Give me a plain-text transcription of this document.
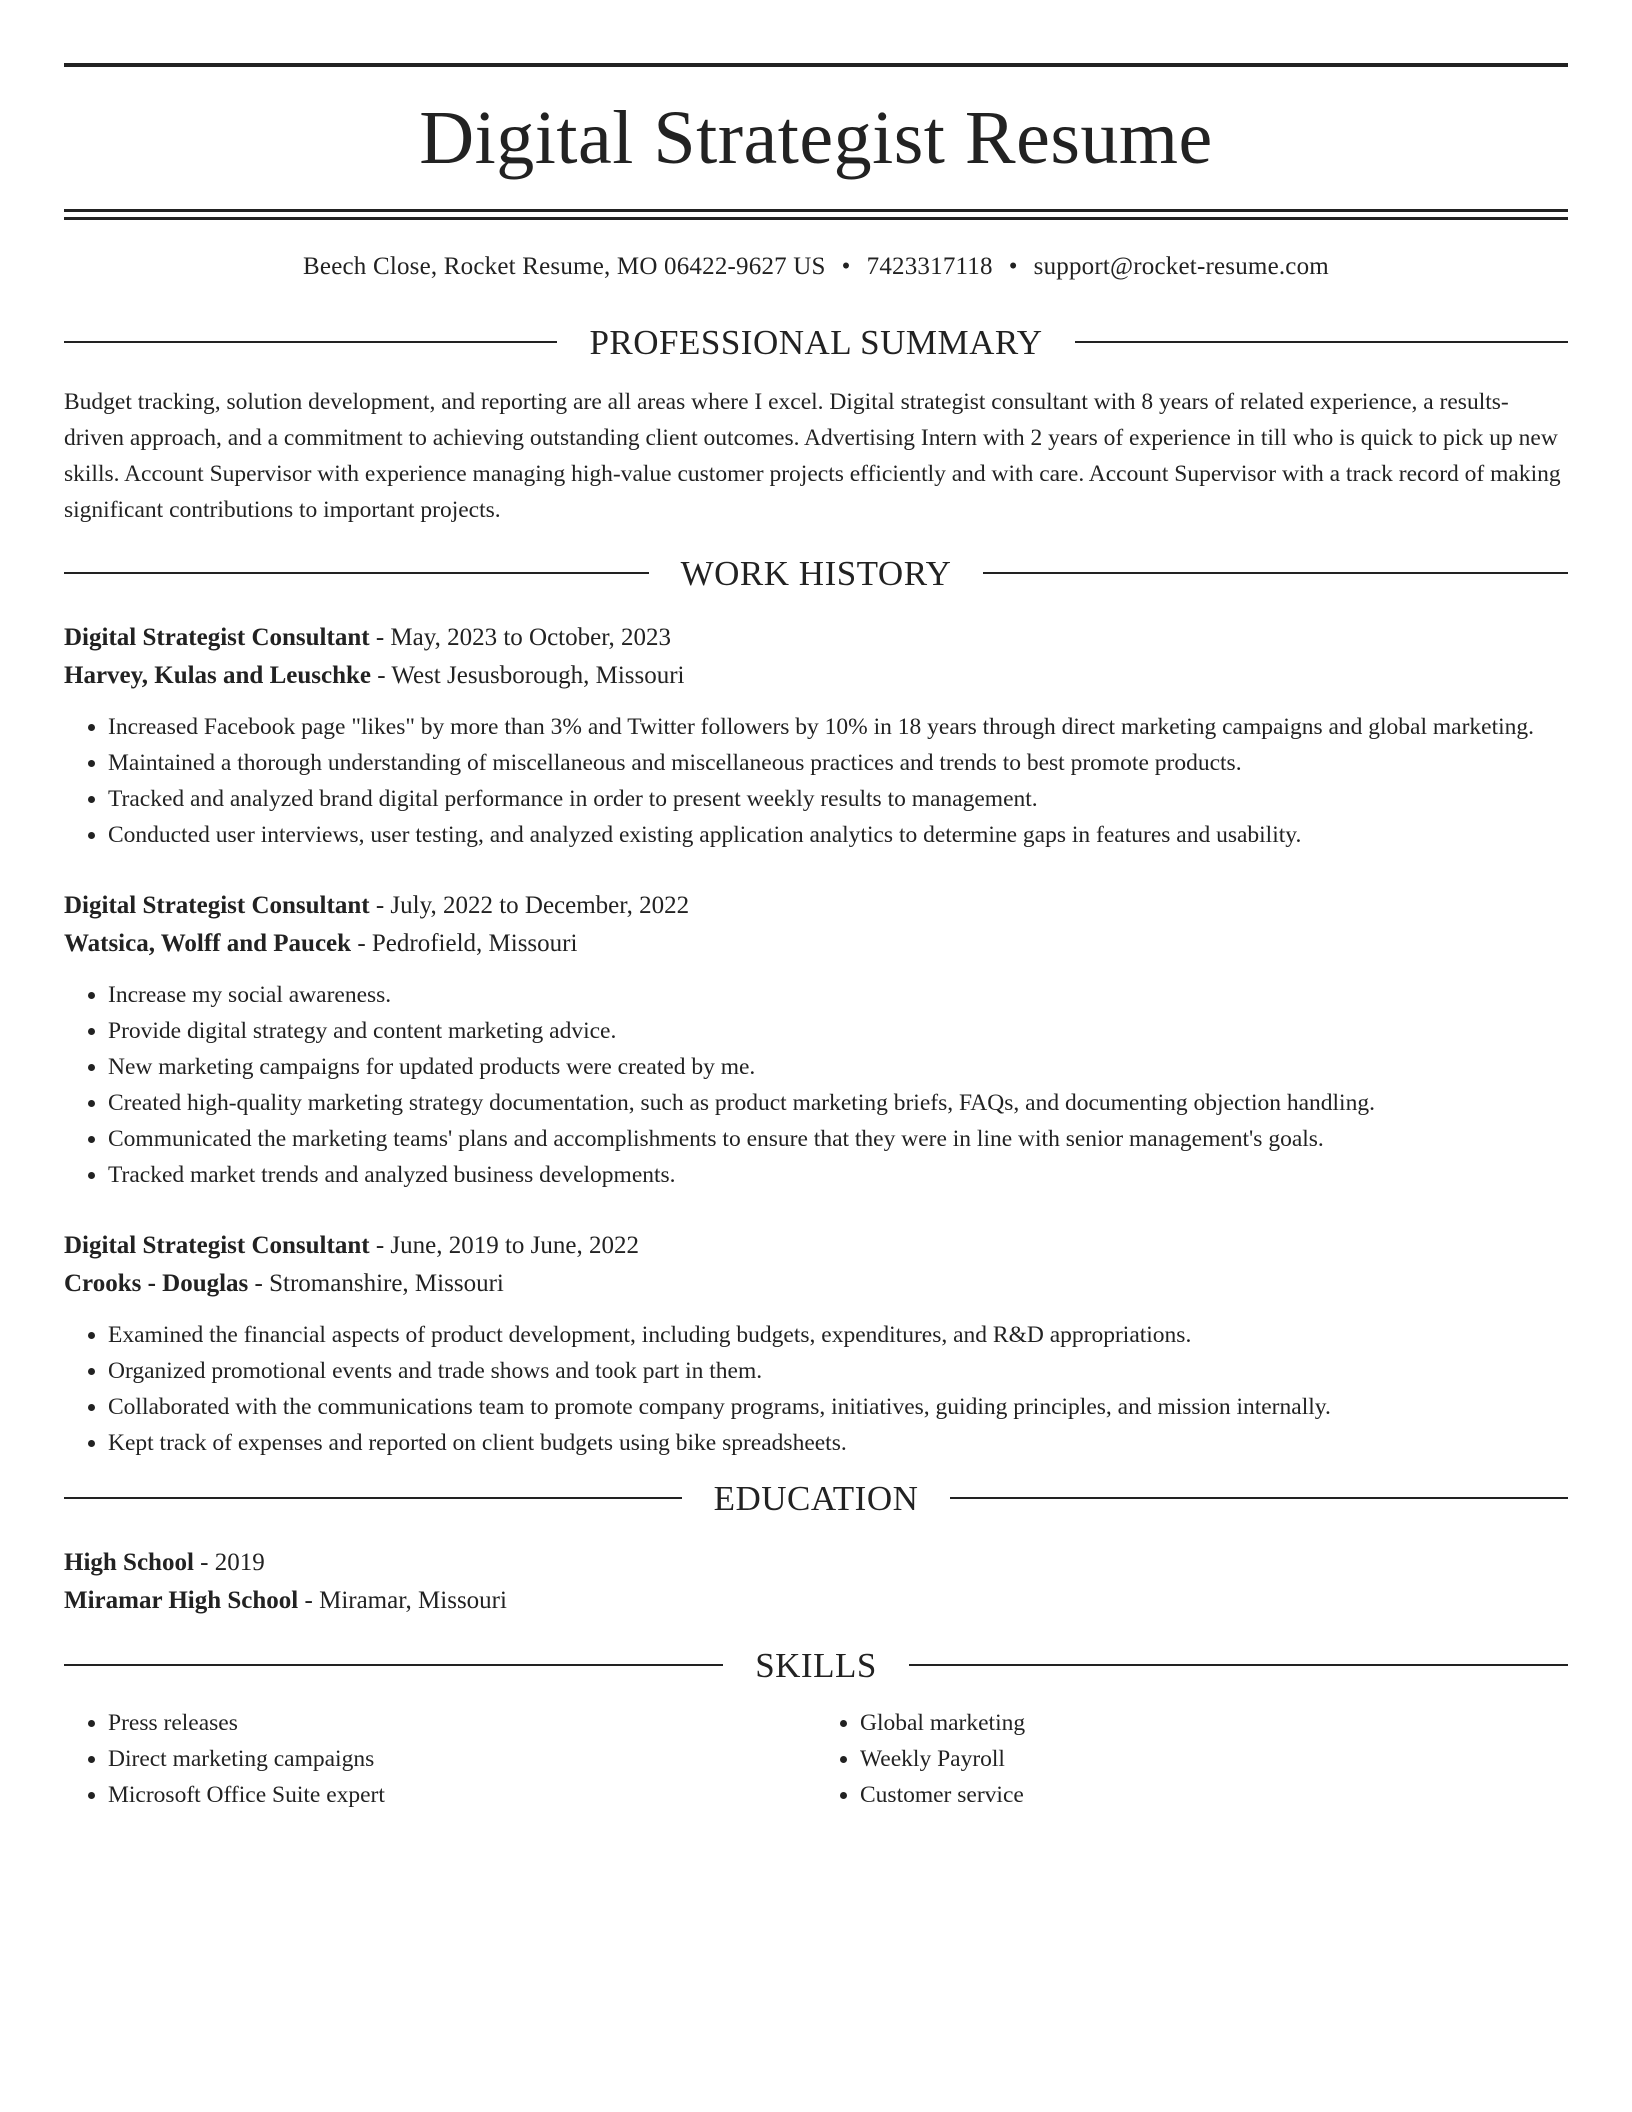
Digital Strategist Resume
Beech Close, Rocket Resume, MO 06422-9627 US • 7423317118 • support@rocket-resume.com
PROFESSIONAL SUMMARY

Budget tracking, solution development, and reporting are all areas where I excel. Digital strategist consultant with 8 years of related experience, a results-driven approach, and a commitment to achieving outstanding client outcomes. Advertising Intern with 2 years of experience in till who is quick to pick up new skills. Account Supervisor with experience managing high-value customer projects efficiently and with care. Account Supervisor with a track record of making significant contributions to important projects.

WORK HISTORY
Digital Strategist Consultant - May, 2023 to October, 2023
Harvey, Kulas and Leuschke - West Jesusborough, Missouri
• Increased Facebook page "likes" by more than 3% and Twitter followers by 10% in 18 years through direct marketing campaigns and global marketing.
• Maintained a thorough understanding of miscellaneous and miscellaneous practices and trends to best promote products.
• Tracked and analyzed brand digital performance in order to present weekly results to management.
• Conducted user interviews, user testing, and analyzed existing application analytics to determine gaps in features and usability.
Digital Strategist Consultant - July, 2022 to December, 2022
Watsica, Wolff and Paucek - Pedrofield, Missouri
• Increase my social awareness.
• Provide digital strategy and content marketing advice.
• New marketing campaigns for updated products were created by me.
• Created high-quality marketing strategy documentation, such as product marketing briefs, FAQs, and documenting objection handling.
• Communicated the marketing teams' plans and accomplishments to ensure that they were in line with senior management's goals.
• Tracked market trends and analyzed business developments.
Digital Strategist Consultant - June, 2019 to June, 2022
Crooks - Douglas - Stromanshire, Missouri
• Examined the financial aspects of product development, including budgets, expenditures, and R&D appropriations.
• Organized promotional events and trade shows and took part in them.
• Collaborated with the communications team to promote company programs, initiatives, guiding principles, and mission internally.
• Kept track of expenses and reported on client budgets using bike spreadsheets.
EDUCATION
High School - 2019
Miramar High School - Miramar, Missouri
SKILLS
• Press releases
• Direct marketing campaigns
• Microsoft Office Suite expert
• Global marketing
• Weekly Payroll
• Customer service
